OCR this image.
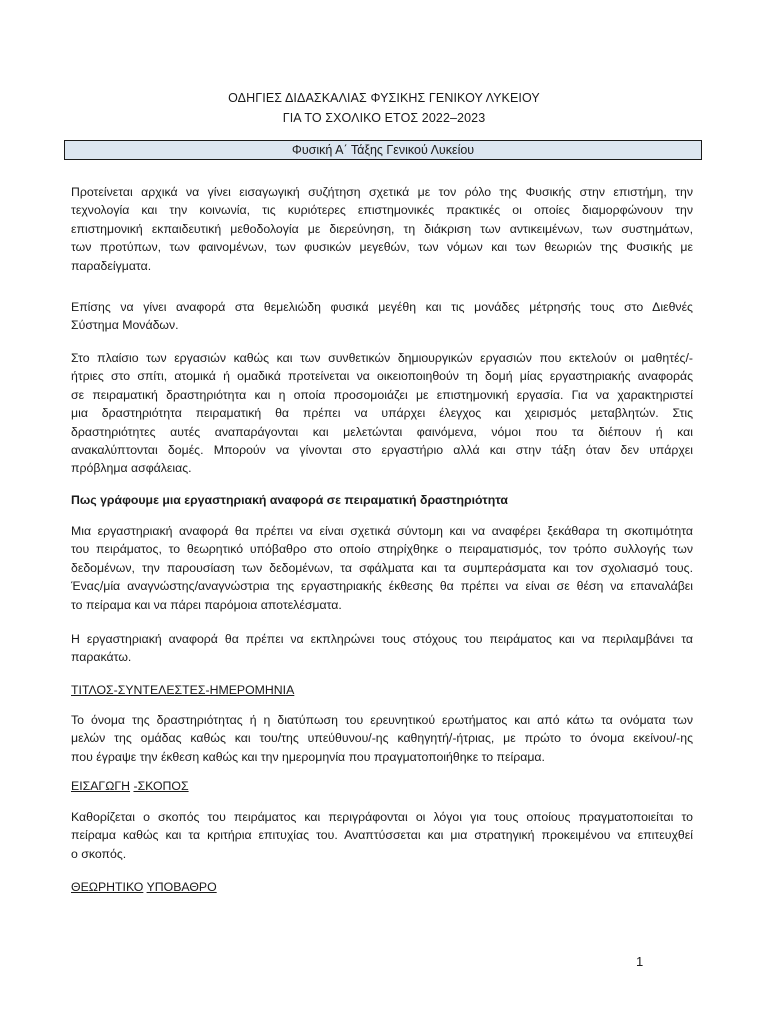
ΟΔΗΓΙΕΣ ΔΙΔΑΣΚΑΛΙΑΣ ΦΥΣΙΚΗΣ ΓΕΝΙΚΟΥ ΛΥΚΕΙΟΥ
ΓΙΑ ΤΟ ΣΧΟΛΙΚΟ ΕΤΟΣ 2022–2023
Φυσική Α΄ Τάξης Γενικού Λυκείου
Προτείνεται αρχικά να γίνει εισαγωγική συζήτηση σχετικά με τον ρόλο της Φυσικής στην επιστήμη, την
τεχνολογία και την κοινωνία, τις κυριότερες επιστημονικές πρακτικές οι οποίες διαμορφώνουν την
επιστημονική εκπαιδευτική μεθοδολογία με διερεύνηση, τη διάκριση των αντικειμένων, των συστημάτων,
των προτύπων, των φαινομένων, των φυσικών μεγεθών, των νόμων και των θεωριών της Φυσικής με
παραδείγματα.
Επίσης να γίνει αναφορά στα θεμελιώδη φυσικά μεγέθη και τις μονάδες μέτρησής τους στο Διεθνές
Σύστημα Μονάδων.
Στο πλαίσιο των εργασιών καθώς και των συνθετικών δημιουργικών εργασιών που εκτελούν οι μαθητές/-
ήτριες στο σπίτι, ατομικά ή ομαδικά προτείνεται να οικειοποιηθούν τη δομή μίας εργαστηριακής αναφοράς
σε πειραματική δραστηριότητα και η οποία προσομοιάζει με επιστημονική εργασία. Για να χαρακτηριστεί
μια δραστηριότητα πειραματική θα πρέπει να υπάρχει έλεγχος και χειρισμός μεταβλητών. Στις
δραστηριότητες αυτές αναπαράγονται και μελετώνται φαινόμενα, νόμοι που τα διέπουν ή και
ανακαλύπτονται δομές. Μπορούν να γίνονται στο εργαστήριο αλλά και στην τάξη όταν δεν υπάρχει
πρόβλημα ασφάλειας.
Πως γράφουμε μια εργαστηριακή αναφορά σε πειραματική δραστηριότητα
Μια εργαστηριακή αναφορά θα πρέπει να είναι σχετικά σύντομη και να αναφέρει ξεκάθαρα τη σκοπιμότητα
του πειράματος, το θεωρητικό υπόβαθρο στο οποίο στηρίχθηκε ο πειραματισμός, τον τρόπο συλλογής των
δεδομένων, την παρουσίαση των δεδομένων, τα σφάλματα και τα συμπεράσματα και τον σχολιασμό τους.
Ένας/μία αναγνώστης/αναγνώστρια της εργαστηριακής έκθεσης θα πρέπει να είναι σε θέση να επαναλάβει
το πείραμα και να πάρει παρόμοια αποτελέσματα.
Η εργαστηριακή αναφορά θα πρέπει να εκπληρώνει τους στόχους του πειράματος και να περιλαμβάνει τα
παρακάτω.
ΤΙΤΛΟΣ-ΣΥΝΤΕΛΕΣΤΕΣ-ΗΜΕΡΟΜΗΝΙΑ
Το όνομα της δραστηριότητας ή η διατύπωση του ερευνητικού ερωτήματος και από κάτω τα ονόματα των
μελών της ομάδας καθώς και του/της υπεύθυνου/-ης καθηγητή/-ήτριας, με πρώτο το όνομα εκείνου/-ης
που έγραψε την έκθεση καθώς και την ημερομηνία που πραγματοποιήθηκε το πείραμα.
ΕΙΣΑΓΩΓΗ -ΣΚΟΠΟΣ
Καθορίζεται ο σκοπός του πειράματος και περιγράφονται οι λόγοι για τους οποίους πραγματοποιείται το
πείραμα καθώς και τα κριτήρια επιτυχίας του. Αναπτύσσεται και μια στρατηγική προκειμένου να επιτευχθεί
ο σκοπός.
ΘΕΩΡΗΤΙΚΟ ΥΠΟΒΑΘΡΟ
1
